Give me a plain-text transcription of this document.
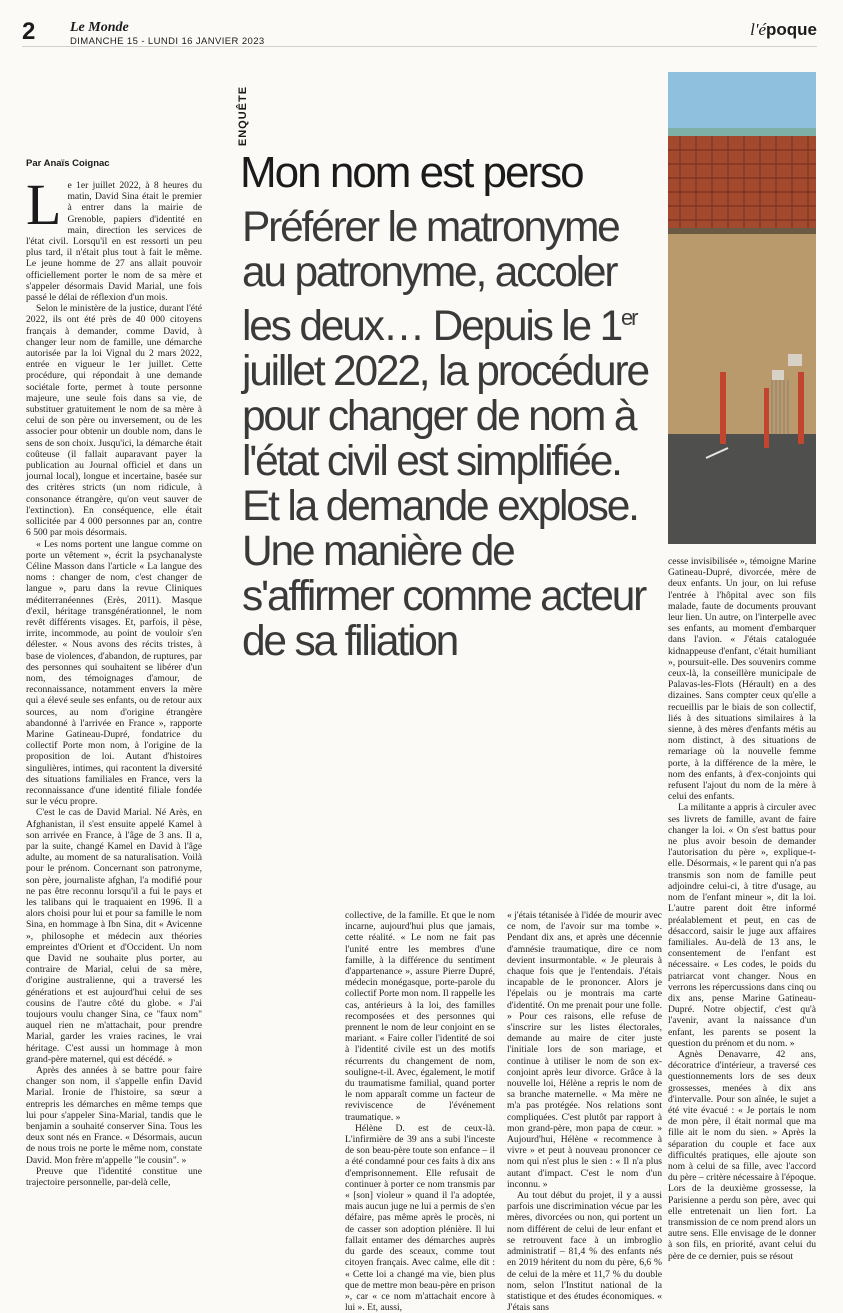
2 Le Monde
DIMANCHE 15 - LUNDI 16 JANVIER 2023
l'époque
ENQUÊTE
Mon nom est perso
Préférer le matronyme au patronyme, accoler les deux… Depuis le 1er juillet 2022, la procédure pour changer de nom à l'état civil est simplifiée. Et la demande explose. Une manière de s'affirmer comme acteur de sa filiation
Par Anaïs Coignac
L e 1er juillet 2022, à 8 heures du matin, David Sina était le premier à entrer dans la mairie de Grenoble, papiers d'identité en main, direction les services de l'état civil. Lorsqu'il en est ressorti un peu plus tard, il n'était plus tout à fait le même. Le jeune homme de 27 ans allait pouvoir officiellement porter le nom de sa mère et s'appeler désormais David Marial, une fois passé le délai de réflexion d'un mois.

Selon le ministère de la justice, durant l'été 2022, ils ont été près de 40 000 citoyens français à demander, comme David, à changer leur nom de famille, une démarche autorisée par la loi Vignal du 2 mars 2022, entrée en vigueur le 1er juillet. Cette procédure, qui répondait à une demande sociétale forte, permet à toute personne majeure, une seule fois dans sa vie, de substituer gratuitement le nom de sa mère à celui de son père ou inversement, ou de les associer pour obtenir un double nom, dans le sens de son choix. Jusqu'ici, la démarche était coûteuse (il fallait auparavant payer la publication au Journal officiel et dans un journal local), longue et incertaine, basée sur des critères stricts (un nom ridicule, à consonance étrangère, qu'on veut sauver de l'extinction). En conséquence, elle était sollicitée par 4 000 personnes par an, contre 6 500 par mois désormais.

« Les noms portent une langue comme on porte un vêtement », écrit la psychanalyste Céline Masson dans l'article « La langue des noms : changer de nom, c'est changer de langue », paru dans la revue Cliniques méditerranéennes (Erès, 2011). Masque d'exil, héritage transgénérationnel, le nom revêt différents visages. Et, parfois, il pèse, irrite, incommode, au point de vouloir s'en délester. « Nous avons des récits tristes, à base de violences, d'abandon, de ruptures, par des personnes qui souhaitent se libérer d'un nom, des témoignages d'amour, de reconnaissance, notamment envers la mère qui a élevé seule ses enfants, ou de retour aux sources, au nom d'origine étrangère abandonné à l'arrivée en France », rapporte Marine Gatineau-Dupré, fondatrice du collectif Porte mon nom, à l'origine de la proposition de loi. Autant d'histoires singulières, intimes, qui racontent la diversité des situations familiales en France, vers la reconnaissance d'une identité filiale fondée sur le vécu propre.

C'est le cas de David Marial. Né Arès, en Afghanistan, il s'est ensuite appelé Kamel à son arrivée en France, à l'âge de 3 ans. Il a, par la suite, changé Kamel en David à l'âge adulte, au moment de sa naturalisation. Voilà pour le prénom. Concernant son patronyme, son père, journaliste afghan, l'a modifié pour ne pas être reconnu lorsqu'il a fui le pays et les talibans qui le traquaient en 1996. Il a alors choisi pour lui et pour sa famille le nom Sina, en hommage à Ibn Sina, dit « Avicenne », philosophe et médecin aux théories empreintes d'Orient et d'Occident. Un nom que David ne souhaite plus porter, au contraire de Marial, celui de sa mère, d'origine australienne, qui a traversé les générations et est aujourd'hui celui de ses cousins de l'autre côté du globe. « J'ai toujours voulu changer Sina, ce "faux nom" auquel rien ne m'attachait, pour prendre Marial, garder les vraies racines, le vrai héritage. C'est aussi un hommage à mon grand-père maternel, qui est décédé. »

Après des années à se battre pour faire changer son nom, il s'appelle enfin David Marial. Ironie de l'histoire, sa sœur a entrepris les démarches en même temps que lui pour s'appeler Sina-Marial, tandis que le benjamin a souhaité conserver Sina. Tous les deux sont nés en France. « Désormais, aucun de nous trois ne porte le même nom, constate David. Mon frère m'appelle "le cousin". »

Preuve que l'identité constitue une trajectoire personnelle, par-delà celle,

collective, de la famille. Et que le nom incarne, aujourd'hui plus que jamais, cette réalité. « Le nom ne fait pas l'unité entre les membres d'une famille, à la différence du sentiment d'appartenance », assure Pierre Dupré, médecin monégasque, porte-parole du collectif Porte mon nom. Il rappelle les cas, antérieurs à la loi, des familles recomposées et des personnes qui prennent le nom de leur conjoint en se mariant. « Faire coller l'identité de soi à l'identité civile est un des motifs récurrents du changement de nom, souligne-t-il. Avec, également, le motif du traumatisme familial, quand porter le nom apparaît comme un facteur de reviviscence de l'événement traumatique. »

Hélène D. est de ceux-là. L'infirmière de 39 ans a subi l'inceste de son beau-père toute son enfance – il a été condamné pour ces faits à dix ans d'emprisonnement. Elle refusait de continuer à porter ce nom transmis par « [son] violeur » quand il l'a adoptée, mais aucun juge ne lui a permis de s'en défaire, pas même après le procès, ni de casser son adoption plénière. Il lui fallait entamer des démarches auprès du garde des sceaux, comme tout citoyen français. Avec calme, elle dit : « Cette loi a changé ma vie, bien plus que de mettre mon beau-père en prison », car « ce nom m'attachait encore à lui ». Et, aussi,

« j'étais tétanisée à l'idée de mourir avec ce nom, de l'avoir sur ma tombe ». Pendant dix ans, et après une décennie d'amnésie traumatique, dire ce nom devient insurmontable. « Je pleurais à chaque fois que je l'entendais. J'étais incapable de le prononcer. Alors je l'épelais ou je montrais ma carte d'identité. On me prenait pour une folle. » Pour ces raisons, elle refuse de s'inscrire sur les listes électorales, demande au maire de citer juste l'initiale lors de son mariage, et continue à utiliser le nom de son ex-conjoint après leur divorce. Grâce à la nouvelle loi, Hélène a repris le nom de sa branche maternelle. « Ma mère ne m'a pas protégée. Nos relations sont compliquées. C'est plutôt par rapport à mon grand-père, mon papa de cœur. » Aujourd'hui, Hélène « recommence à vivre » et peut à nouveau prononcer ce nom qui n'est plus le sien : « Il n'a plus autant d'impact. C'est le nom d'un inconnu. »

Au tout début du projet, il y a aussi parfois une discrimination vécue par les mères, divorcées ou non, qui portent un nom différent de celui de leur enfant et se retrouvent face à un imbroglio administratif – 81,4 % des enfants nés en 2019 héritent du nom du père, 6,6 % de celui de la mère et 11,7 % du double nom, selon l'Institut national de la statistique et des études économiques. « J'étais sans

cesse invisibilisée », témoigne Marine Gatineau-Dupré, divorcée, mère de deux enfants. Un jour, on lui refuse l'entrée à l'hôpital avec son fils malade, faute de documents prouvant leur lien. Un autre, on l'interpelle avec ses enfants, au moment d'embarquer dans l'avion. « J'étais cataloguée kidnappeuse d'enfant, c'était humiliant », poursuit-elle. Des souvenirs comme ceux-là, la conseillère municipale de Palavas-les-Flots (Hérault) en a des dizaines. Sans compter ceux qu'elle a recueillis par le biais de son collectif, liés à des situations similaires à la sienne, à des mères d'enfants métis au nom distinct, à des situations de remariage où la nouvelle femme porte, à la différence de la mère, le nom des enfants, à d'ex-conjoints qui refusent l'ajout du nom de la mère à celui des enfants.

La militante a appris à circuler avec ses livrets de famille, avant de faire changer la loi. « On s'est battus pour ne plus avoir besoin de demander l'autorisation du père », explique-t-elle. Désormais, « le parent qui n'a pas transmis son nom de famille peut adjoindre celui-ci, à titre d'usage, au nom de l'enfant mineur », dit la loi. L'autre parent doit être informé préalablement et peut, en cas de désaccord, saisir le juge aux affaires familiales. Au-delà de 13 ans, le consentement de l'enfant est nécessaire. « Les codes, le poids du patriarcat vont changer. Nous en verrons les répercussions dans cinq ou dix ans, pense Marine Gatineau-Dupré. Notre objectif, c'est qu'à l'avenir, avant la naissance d'un enfant, les parents se posent la question du prénom et du nom. »

Agnès Denavarre, 42 ans, décoratrice d'intérieur, a traversé ces questionnements lors de ses deux grossesses, menées à dix ans d'intervalle. Pour son aînée, le sujet a été vite évacué : « Je portais le nom de mon père, il était normal que ma fille ait le nom du sien. » Après la séparation du couple et face aux difficultés pratiques, elle ajoute son nom à celui de sa fille, avec l'accord du père – critère nécessaire à l'époque. Lors de la deuxième grossesse, la Parisienne a perdu son père, avec qui elle entretenait un lien fort. La transmission de ce nom prend alors un autre sens. Elle envisage de le donner à son fils, en priorité, avant celui du père de ce dernier, puis se résout
